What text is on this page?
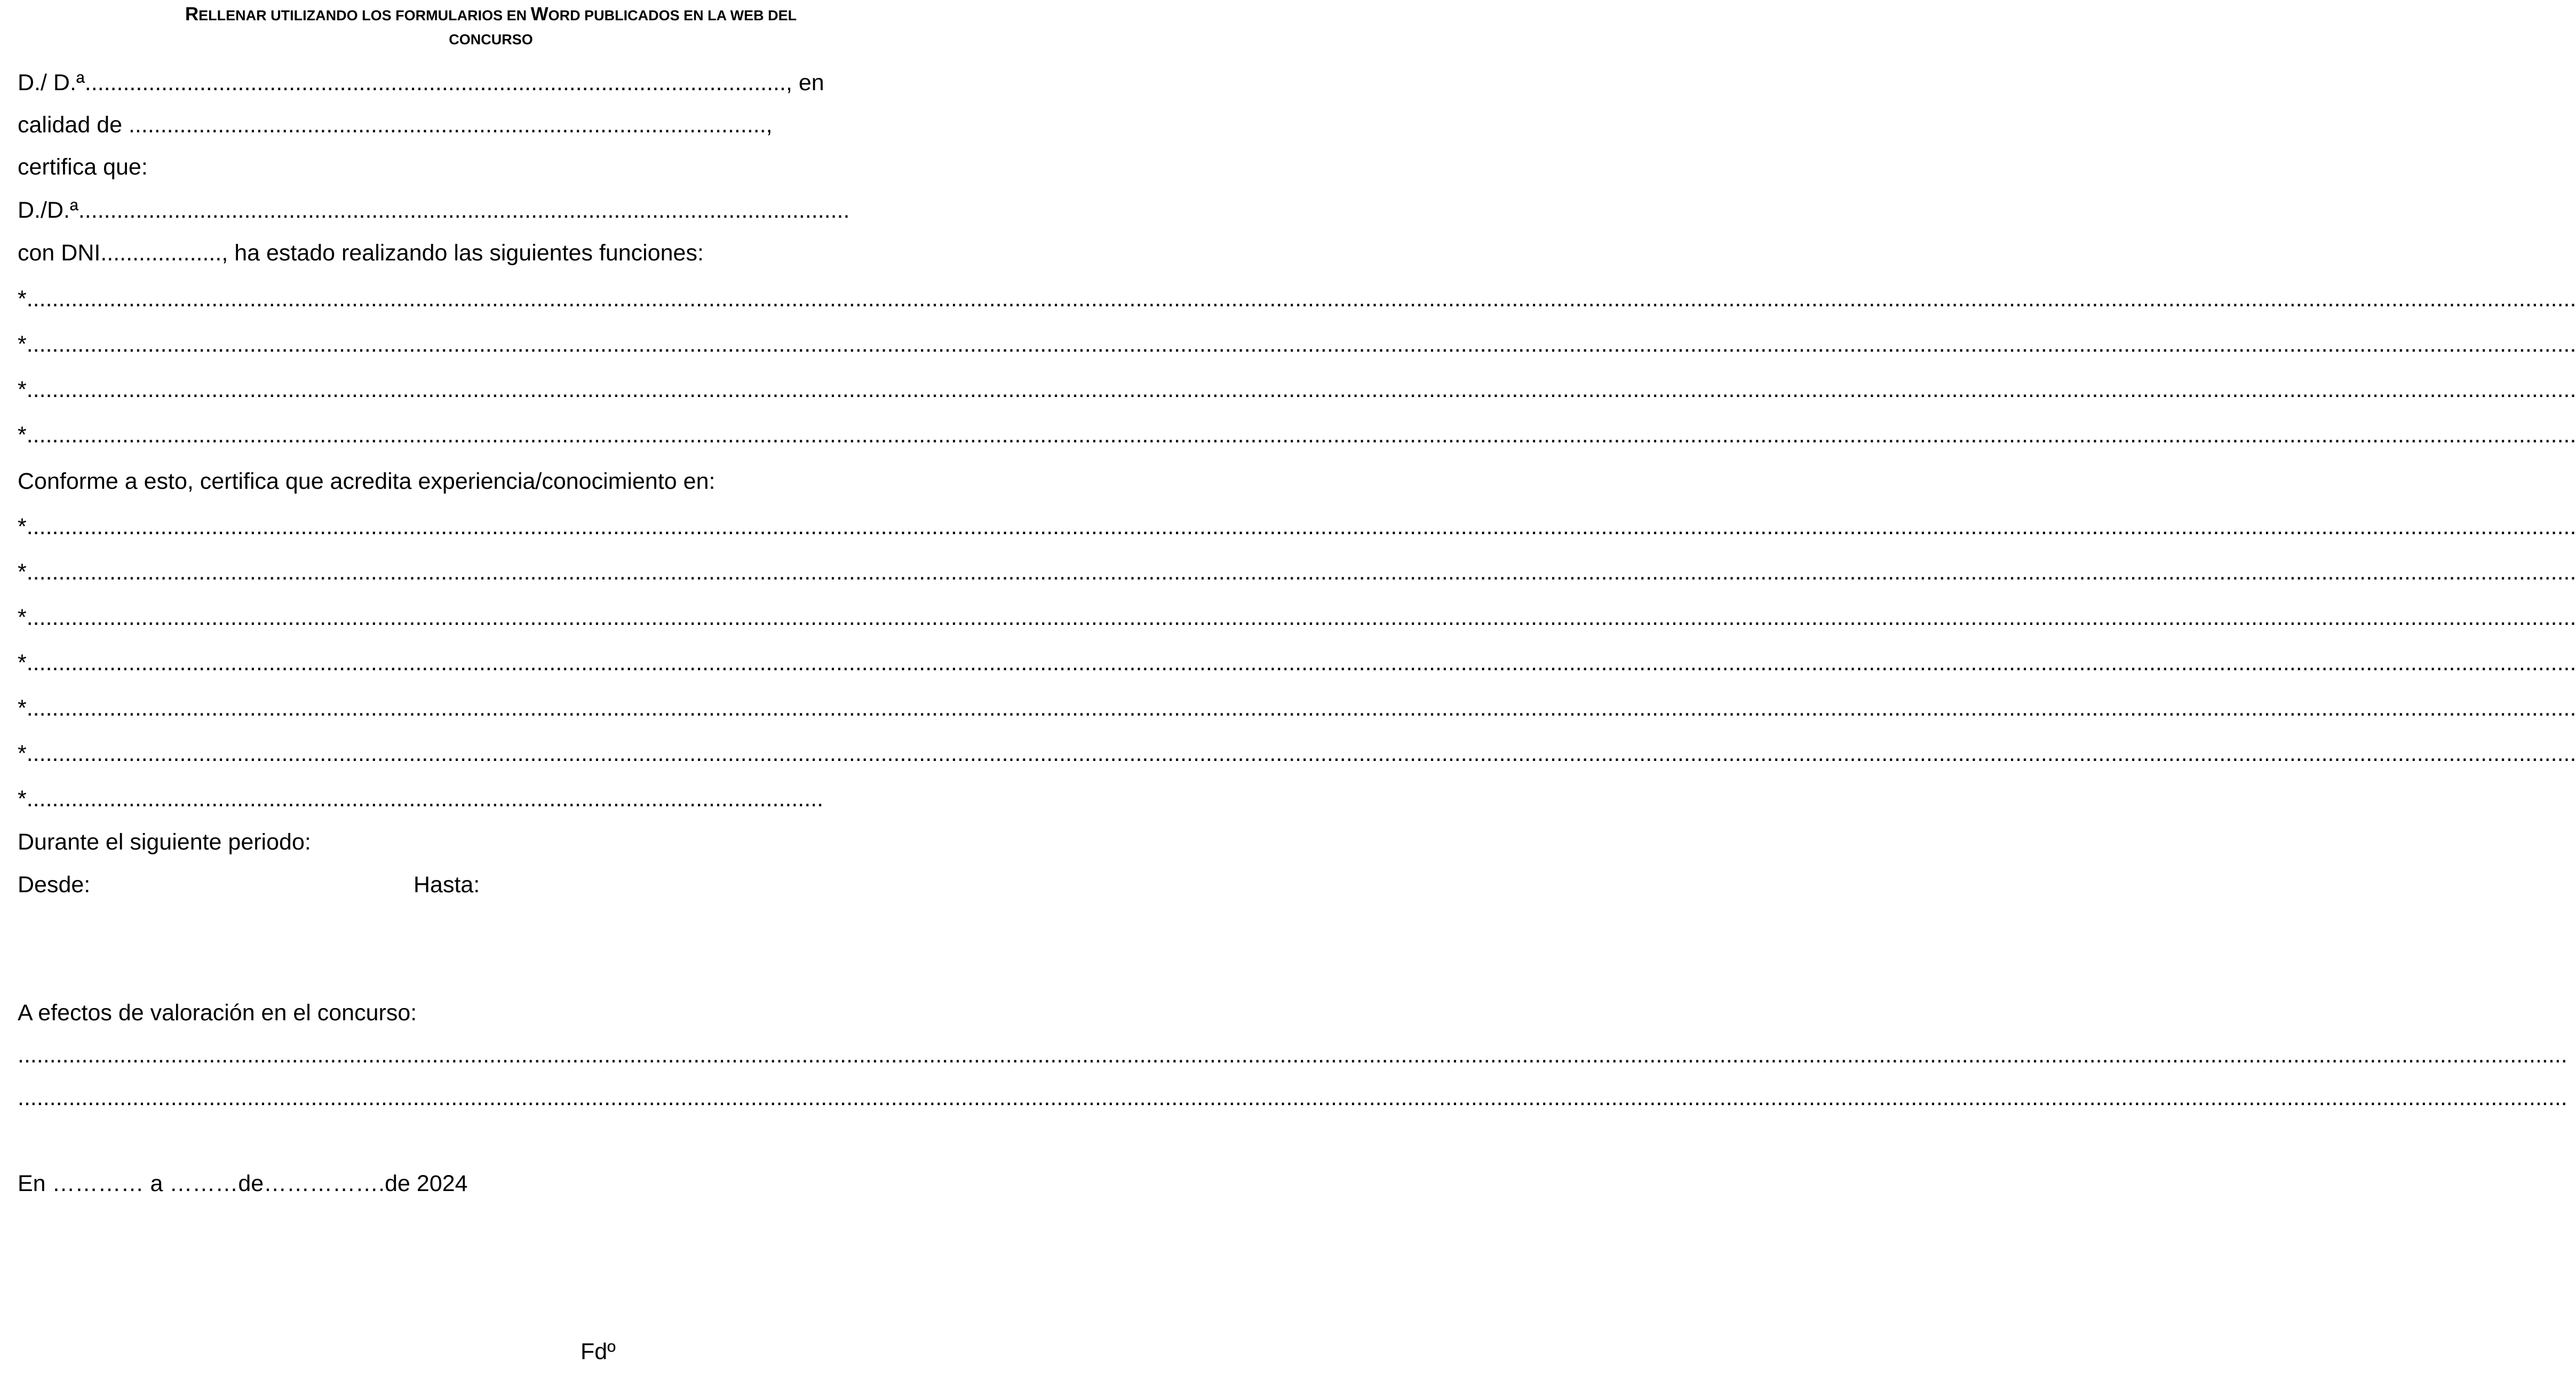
RELLENAR UTILIZANDO LOS FORMULARIOS EN WORD PUBLICADOS EN LA WEB DEL
CONCURSO
D./ D.ª.............................................................................................................., en
calidad de ....................................................................................................,
certifica que:
D./D.ª.........................................................................................................................
con DNI..................., ha estado realizando las siguientes funciones:
*................................................................................................................................................................................................................................................................................................................................................................................................................
*................................................................................................................................................................................................................................................................................................................................................................................................................
*................................................................................................................................................................................................................................................................................................................................................................................................................
*................................................................................................................................................................................................................................................................................................................................................................................................................
Conforme a esto, certifica que acredita experiencia/conocimiento en:
*................................................................................................................................................................................................................................................................................................................................................................................................................
*................................................................................................................................................................................................................................................................................................................................................................................................................
*................................................................................................................................................................................................................................................................................................................................................................................................................
*................................................................................................................................................................................................................................................................................................................................................................................................................
*................................................................................................................................................................................................................................................................................................................................................................................................................
*................................................................................................................................................................................................................................................................................................................................................................................................................
*.............................................................................................................................
Durante el siguiente periodo:
Desde:	Hasta:
A efectos de valoración en el concurso:
................................................................................................................................................................................................................................................................................................................................................................................................................
................................................................................................................................................................................................................................................................................................................................................................................................................
En ………… a ………de…………….de 2024
Fdº
